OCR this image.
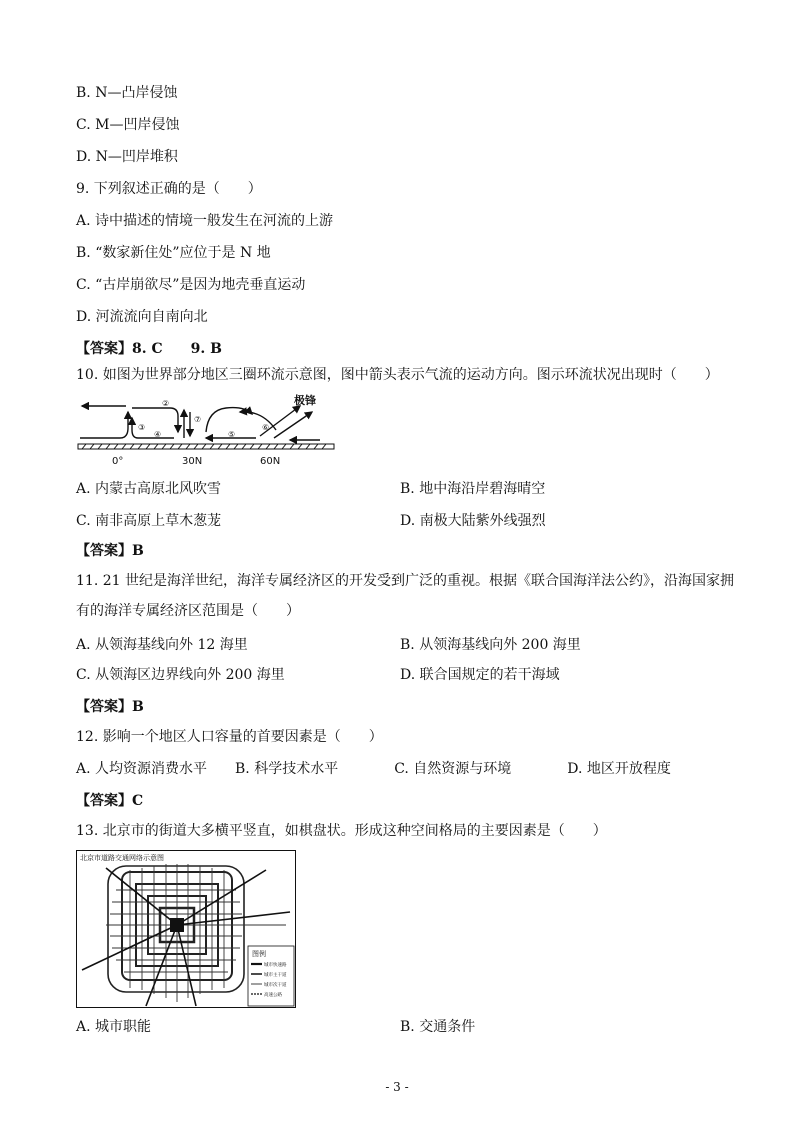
B. N—凸岸侵蚀
C. M—凹岸侵蚀
D. N—凹岸堆积
9. 下列叙述正确的是（　　）
A. 诗中描述的情境一般发生在河流的上游
B. “数家新住处”应位于是 N 地
C. “古岸崩欲尽”是因为地壳垂直运动
D. 河流流向自南向北
【答案】8. C　　9. B
10. 如图为世界部分地区三圈环流示意图，图中箭头表示气流的运动方向。图示环流状况出现时（　　）
②
③
④	⑤
⑥
⑦
极锋
0°	30N	60N
A. 内蒙古高原北风吹雪	B. 地中海沿岸碧海晴空
C. 南非高原上草木葱茏	D. 南极大陆紫外线强烈
【答案】B
11. 21 世纪是海洋世纪，海洋专属经济区的开发受到广泛的重视。根据《联合国海洋法公约》，沿海国家拥
有的海洋专属经济区范围是（　　）
A. 从领海基线向外 12 海里	B. 从领海基线向外 200 海里
C. 从领海区边界线向外 200 海里	D. 联合国规定的若干海域
【答案】B
12. 影响一个地区人口容量的首要因素是（　　）
A. 人均资源消费水平　　B. 科学技术水平　　　　C. 自然资源与环境　　　　D. 地区开放程度
【答案】C
13. 北京市的街道大多横平竖直，如棋盘状。形成这种空间格局的主要因素是（　　）
北京市道路交通网络示意图
图例
城市快速路
城市主干道
城市次干道
高速公路
A. 城市职能	B. 交通条件
- 3 -
